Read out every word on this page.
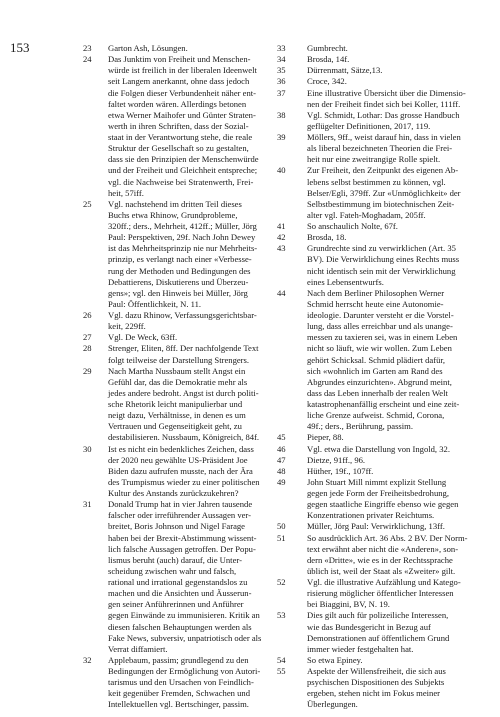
153	23	Garton Ash, Lösungen.
24	Das Junktim von Freiheit und Menschen-
würde ist freilich in der liberalen Ideenwelt
seit Langem anerkannt, ohne dass jedoch
die Folgen dieser Verbundenheit näher ent-
faltet worden wären. Allerdings betonen
etwa Werner Maihofer und Günter Straten-
werth in ihren Schriften, dass der Sozial-
staat in der Verantwortung stehe, die reale
Struktur der Gesellschaft so zu gestalten,
dass sie den Prinzipien der Menschenwürde
und der Freiheit und Gleichheit entspreche;
vgl. die Nachweise bei Stratenwerth, Frei-
heit, 57iff.
25	Vgl. nachstehend im dritten Teil dieses
Buchs etwa Rhinow, Grundprobleme,
320ff.; ders., Mehrheit, 412ff.; Müller, Jörg
Paul: Perspektiven, 29f. Nach John Dewey
ist das Mehrheitsprinzip nie nur Mehrheits-
prinzip, es verlangt nach einer «Verbesse-
rung der Methoden und Bedingungen des
Debattierens, Diskutierens und Überzeu-
gens»; vgl. den Hinweis bei Müller, Jörg
Paul: Öffentlichkeit, N. 11.
26	Vgl. dazu Rhinow, Verfassungsgerichtsbar-
keit, 229ff.
27	Vgl. De Weck, 63ff.
28	Strenger, Eliten, 8ff. Der nachfolgende Text
folgt teilweise der Darstellung Strengers.
29	Nach Martha Nussbaum stellt Angst ein
Gefühl dar, das die Demokratie mehr als
jedes andere bedroht. Angst ist durch politi-
sche Rhetorik leicht manipulierbar und
neigt dazu, Verhältnisse, in denen es um
Vertrauen und Gegenseitigkeit geht, zu
destabilisieren. Nussbaum, Königreich, 84f.
30	Ist es nicht ein bedenkliches Zeichen, dass
der 2020 neu gewählte US-Präsident Joe
Biden dazu aufrufen musste, nach der Ära
des Trumpismus wieder zu einer politischen
Kultur des Anstands zurückzukehren?
31	Donald Trump hat in vier Jahren tausende
falscher oder irreführender Aussagen ver-
breitet, Boris Johnson und Nigel Farage
haben bei der Brexit-Abstimmung wissent-
lich falsche Aussagen getroffen. Der Popu-
lismus beruht (auch) darauf, die Unter-
scheidung zwischen wahr und falsch,
rational und irrational gegenstandslos zu
machen und die Ansichten und Äusserun-
gen seiner Anführerinnen und Anführer
gegen Einwände zu immunisieren. Kritik an
diesen falschen Behauptungen werden als
Fake News, subversiv, unpatriotisch oder als
Verrat diffamiert.
32	Applebaum, passim; grundlegend zu den
Bedingungen der Ermöglichung von Autori-
tarismus und den Ursachen von Feindlich-
keit gegenüber Fremden, Schwachen und
Intellektuellen vgl. Bertschinger, passim.
33	Gumbrecht.
34	Brosda, 14f.
35	Dürrenmatt, Sätze,13.
36	Croce, 342.
37	Eine illustrative Übersicht über die Dimensio-
nen der Freiheit findet sich bei Koller, 111ff.
38	Vgl. Schmidt, Lothar: Das grosse Handbuch
geflügelter Definitionen, 2017, 119.
39	Möllers, 9ff., weist darauf hin, dass in vielen
als liberal bezeichneten Theorien die Frei-
heit nur eine zweitrangige Rolle spielt.
40	Zur Freiheit, den Zeitpunkt des eigenen Ab-
lebens selbst bestimmen zu können, vgl.
Belser/Egli, 379ff. Zur «Unmöglichkeit» der
Selbstbestimmung im biotechnischen Zeit-
alter vgl. Fateh-Moghadam, 205ff.
41	So anschaulich Nolte, 67f.
42	Brosda, 18.
43	Grundrechte sind zu verwirklichen (Art. 35
BV). Die Verwirklichung eines Rechts muss
nicht identisch sein mit der Verwirklichung
eines Lebensentwurfs.
44	Nach dem Berliner Philosophen Werner
Schmid herrscht heute eine Autonomie-
ideologie. Darunter versteht er die Vorstel-
lung, dass alles erreichbar und als unange-
messen zu taxieren sei, was in einem Leben
nicht so läuft, wie wir wollen. Zum Leben
gehört Schicksal. Schmid plädiert dafür,
sich «wohnlich im Garten am Rand des
Abgrundes einzurichten». Abgrund meint,
dass das Leben innerhalb der realen Welt
katastrophenanfällig erscheint und eine zeit-
liche Grenze aufweist. Schmid, Corona,
49f.; ders., Berührung, passim.
45	Pieper, 88.
46	Vgl. etwa die Darstellung von Ingold, 32.
47	Dietze, 91ff., 96.
48	Hüther, 19f., 107ff.
49	John Stuart Mill nimmt explizit Stellung
gegen jede Form der Freiheitsbedrohung,
gegen staatliche Eingriffe ebenso wie gegen
Konzentrationen privater Reichtums.
50	Müller, Jörg Paul: Verwirklichung, 13ff.
51	So ausdrücklich Art. 36 Abs. 2 BV. Der Norm-
text erwähnt aber nicht die «Anderen», son-
dern «Dritte», wie es in der Rechtssprache
üblich ist, weil der Staat als «Zweiter» gilt.
52	Vgl. die illustrative Aufzählung und Katego-
risierung möglicher öffentlicher Interessen
bei Biaggini, BV, N. 19.
53	Dies gilt auch für polizeiliche Interessen,
wie das Bundesgericht in Bezug auf
Demonstrationen auf öffentlichem Grund
immer wieder festgehalten hat.
54	So etwa Epiney.
55	Aspekte der Willensfreiheit, die sich aus
psychischen Dispositionen des Subjekts
ergeben, stehen nicht im Fokus meiner
Überlegungen.
